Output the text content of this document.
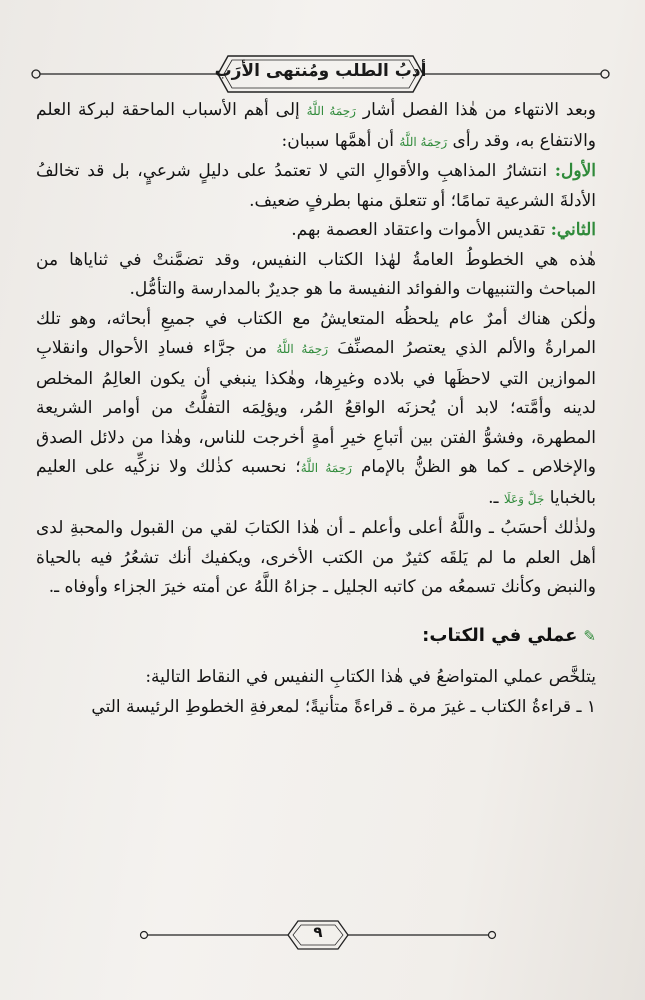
أدبُ الطلب ومُنتهى الأرَب

وبعد الانتهاء من هٰذا الفصل أشار رَحِمَهُ اللَّهُ إلى أهم الأسباب الماحقة لبركة العلم والانتفاع به، وقد رأى رَحِمَهُ اللَّهُ أن أهمَّها سببان:

الأول: انتشارُ المذاهبِ والأقوالِ التي لا تعتمدُ على دليلٍ شرعيٍ، بل قد تخالفُ الأدلةَ الشرعية تمامًا؛ أو تتعلق منها بطرفٍ ضعيف.

الثاني: تقديس الأموات واعتقاد العصمة بهم.

هٰذه هي الخطوطُ العامةُ لهٰذا الكتاب النفيس، وقد تضمَّنتْ في ثناياها من المباحث والتنبيهات والفوائد النفيسة ما هو جديرٌ بالمدارسة والتأمُّل.

ولٰكن هناك أمرٌ عام يلحظُه المتعايشُ مع الكتاب في جميعِ أبحاثه، وهو تلك المرارةُ والألم الذي يعتصرُ المصنِّفَ رَحِمَهُ اللَّهُ من جرَّاء فسادِ الأحوال وانقلابِ الموازين التي لاحظَها في بلاده وغيرِها، وهٰكذا ينبغي أن يكون العالِمُ المخلص لدينه وأمَّته؛ لابد أن يُحزنَه الواقعُ المُر، ويؤلِمَه التفلُّتُ من أوامر الشريعة المطهرة، وفشوُّ الفتن بين أتباعِ خيرِ أمةٍ أخرجت للناس، وهٰذا من دلائل الصدق والإخلاص ـ كما هو الظنُّ بالإمام رَحِمَهُ اللَّهُ؛ نحسبه كذٰلك ولا نزكِّيه على العليم بالخبايا جَلَّ وَعَلَا ـ.

ولذٰلك أحسَبُ ـ واللَّهُ أعلى وأعلم ـ أن هٰذا الكتابَ لقي من القبول والمحبةِ لدى أهل العلم ما لم يَلقَه كثيرٌ من الكتب الأخرى، ويكفيك أنك تشعُرُ فيه بالحياة والنبض وكأنك تسمعُه من كاتبه الجليل ـ جزاهُ اللَّهُ عن أمته خيرَ الجزاء وأوفاه ـ.

✎عملي في الكتاب:

يتلخَّص عملي المتواضعُ في هٰذا الكتابِ النفيس في النقاط التالية:

١ ـ قراءةُ الكتاب ـ غيرَ مرة ـ قراءةً متأنيةً؛ لمعرفةِ الخطوطِ الرئيسة التي

٩
